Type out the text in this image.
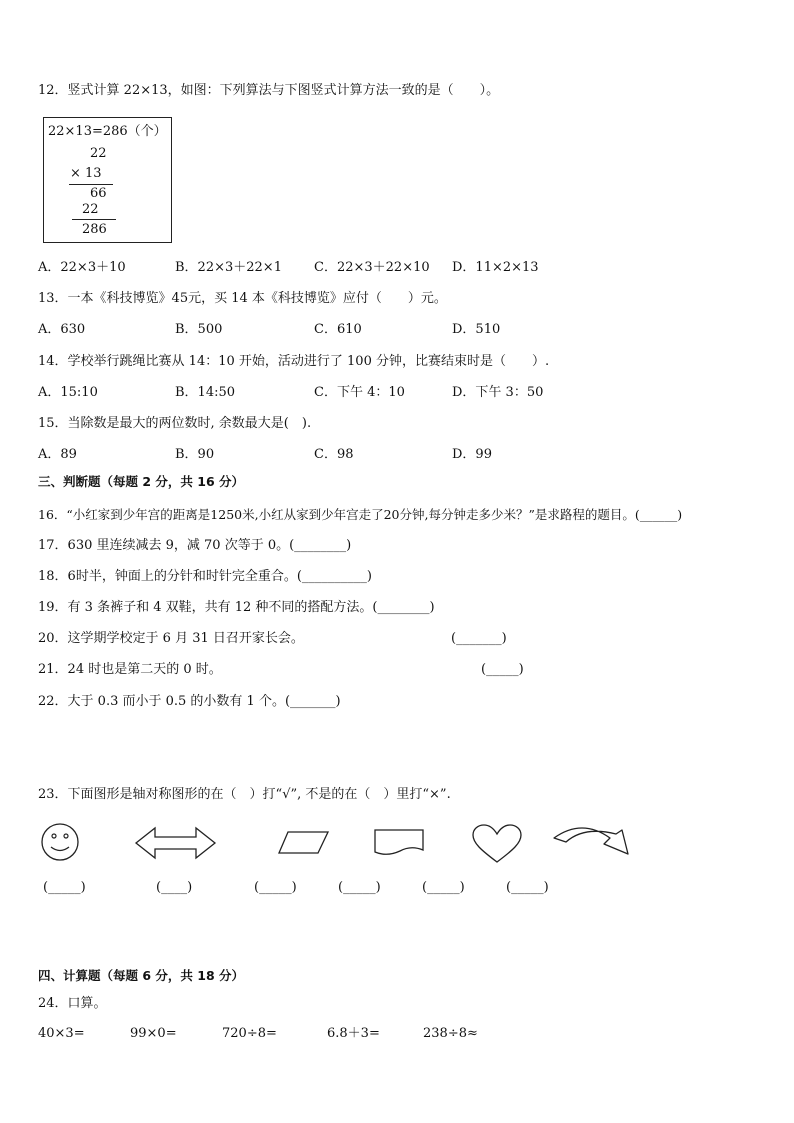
12．竖式计算 22×13，如图：下列算法与下图竖式计算方法一致的是（　　）。
22×13=286（个）
22
× 13
66
22
286
A．22×3＋10	B．22×3＋22×1 C．22×3＋22×10 D．11×2×13
13．一本《科技博览》45元，买 14 本《科技博览》应付（　　）元。
A．630	B．500	C．610	D．510
14．学校举行跳绳比赛从 14：10 开始，活动进行了 100 分钟，比赛结束时是（　　）.
A．15:10	B．14:50	C．下午 4：10	D．下午 3：50
15．当除数是最大的两位数时, 余数最大是(　).
A．89	B．90	C．98	D．99
三、判断题（每题 2 分，共 16 分）
16．“小红家到少年宫的距离是1250米,小红从家到少年宫走了20分钟,每分钟走多少米？”是求路程的题目。(______)
17．630 里连续减去 9，减 70 次等于 0。(________)
18．6时半，钟面上的分针和时针完全重合。(__________)
19．有 3 条裤子和 4 双鞋，共有 12 种不同的搭配方法。(________)
20．这学期学校定于 6 月 31 日召开家长会。	(_______)
21．24 时也是第二天的 0 时。	(_____)
22．大于 0.3 而小于 0.5 的小数有 1 个。(_______)
23．下面图形是轴对称图形的在（　）打“√”, 不是的在（　）里打“×”.
(_____)	(____)	(_____)	(_____)	(_____)	(_____)
四、计算题（每题 6 分，共 18 分）
24．口算。
40×3=	99×0=	720÷8=	6.8＋3=	238÷8≈
